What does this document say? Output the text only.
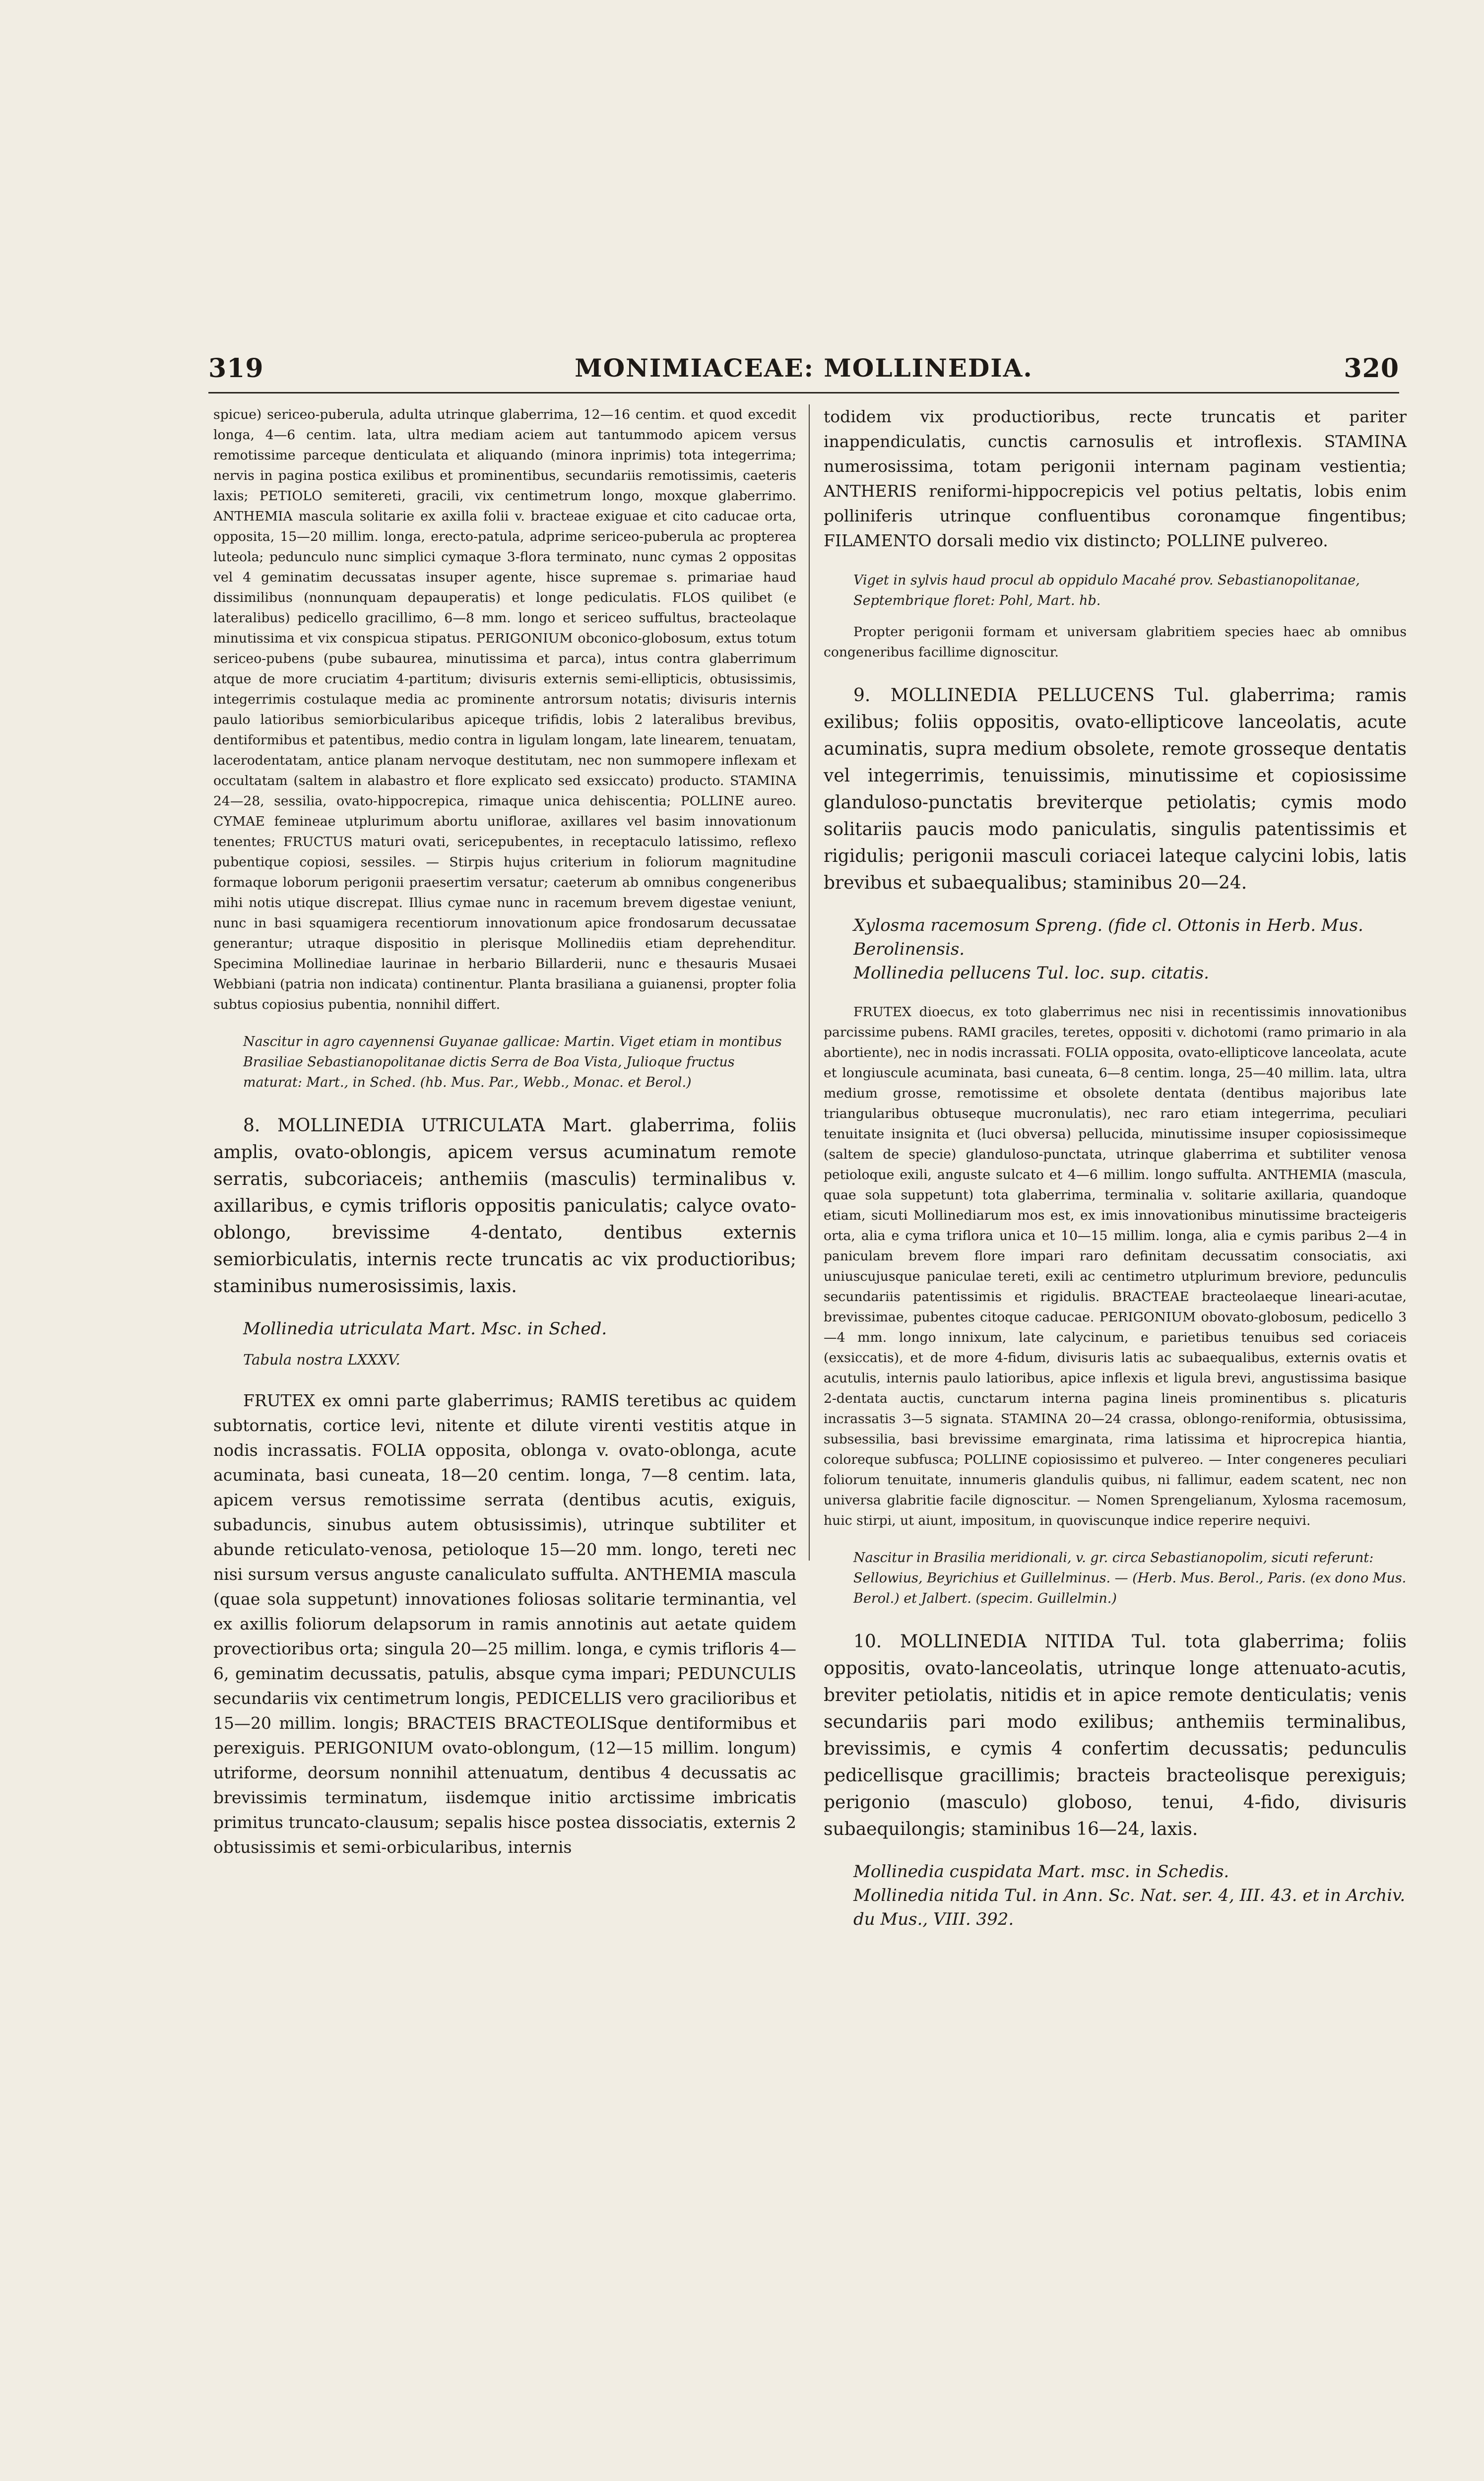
319	MONIMIACEAE: MOLLINEDIA.	320

spicue) sericeo-puberula, adulta utrinque glaberrima, 12—16 centim. et quod excedit longa, 4—6 centim. lata, ultra mediam aciem aut tantummodo apicem versus remotissime parceque denticulata et aliquando (minora inprimis) tota integerrima; nervis in pagina postica exilibus et prominentibus, secundariis remotissimis, caeteris laxis; PETIOLO semitereti, gracili, vix centimetrum longo, moxque glaberrimo. ANTHEMIA mascula solitarie ex axilla folii v. bracteae exiguae et cito caducae orta, opposita, 15—20 millim. longa, erecto-patula, adprime sericeo-puberula ac propterea luteola; pedunculo nunc simplici cymaque 3-flora terminato, nunc cymas 2 oppositas vel 4 geminatim decussatas insuper agente, hisce supremae s. primariae haud dissimilibus (nonnunquam depauperatis) et longe pediculatis. FLOS quilibet (e lateralibus) pedicello gracillimo, 6—8 mm. longo et sericeo suffultus, bracteolaque minutissima et vix conspicua stipatus. PERIGONIUM obconico-globosum, extus totum sericeo-pubens (pube subaurea, minutissima et parca), intus contra glaberrimum atque de more cruciatim 4-partitum; divisuris externis semi-ellipticis, obtusissimis, integerrimis costulaque media ac prominente antrorsum notatis; divisuris internis paulo latioribus semiorbicularibus apiceque trifidis, lobis 2 lateralibus brevibus, dentiformibus et patentibus, medio contra in ligulam longam, late linearem, tenuatam, lacerodentatam, antice planam nervoque destitutam, nec non summopere inflexam et occultatam (saltem in alabastro et flore explicato sed exsiccato) producto. STAMINA 24—28, sessilia, ovato-hippocrepica, rimaque unica dehiscentia; POLLINE aureo. CYMAE femineae utplurimum abortu uniflorae, axillares vel basim innovationum tenentes; FRUCTUS maturi ovati, sericepubentes, in receptaculo latissimo, reflexo pubentique copiosi, sessiles. — Stirpis hujus criterium in foliorum magnitudine formaque loborum perigonii praesertim versatur; caeterum ab omnibus congeneribus mihi notis utique discrepat. Illius cymae nunc in racemum brevem digestae veniunt, nunc in basi squamigera recentiorum innovationum apice frondosarum decussatae generantur; utraque dispositio in plerisque Mollinediis etiam deprehenditur. Specimina Mollinediae laurinae in herbario Billarderii, nunc e thesauris Musaei Webbiani (patria non indicata) continentur. Planta brasiliana a guianensi, propter folia subtus copiosius pubentia, nonnihil differt.

Nascitur in agro cayennensi Guyanae gallicae: Martin. Viget etiam in montibus Brasiliae Sebastianopolitanae dictis Serra de Boa Vista, Julioque fructus maturat: Mart., in Sched. (hb. Mus. Par., Webb., Monac. et Berol.)

8. MOLLINEDIA UTRICULATA Mart. glaberrima, foliis amplis, ovato-oblongis, apicem versus acuminatum remote serratis, subcoriaceis; anthemiis (masculis) terminalibus v. axillaribus, e cymis trifloris oppositis paniculatis; calyce ovato-oblongo, brevissime 4-dentato, dentibus externis semiorbiculatis, internis recte truncatis ac vix productioribus; staminibus numerosissimis, laxis.

Mollinedia utriculata Mart. Msc. in Sched.

Tabula nostra LXXXV.

FRUTEX ex omni parte glaberrimus; RAMIS teretibus ac quidem subtornatis, cortice levi, nitente et dilute virenti vestitis atque in nodis incrassatis. FOLIA opposita, oblonga v. ovato-oblonga, acute acuminata, basi cuneata, 18—20 centim. longa, 7—8 centim. lata, apicem versus remotissime serrata (dentibus acutis, exiguis, subaduncis, sinubus autem obtusissimis), utrinque subtiliter et abunde reticulato-venosa, petioloque 15—20 mm. longo, tereti nec nisi sursum versus anguste canaliculato suffulta. ANTHEMIA mascula (quae sola suppetunt) innovationes foliosas solitarie terminantia, vel ex axillis foliorum delapsorum in ramis annotinis aut aetate quidem provectioribus orta; singula 20—25 millim. longa, e cymis trifloris 4—6, geminatim decussatis, patulis, absque cyma impari; PEDUNCULIS secundariis vix centimetrum longis, PEDICELLIS vero gracilioribus et 15—20 millim. longis; BRACTEIS BRACTEOLISque dentiformibus et perexiguis. PERIGONIUM ovato-oblongum, (12—15 millim. longum) utriforme, deorsum nonnihil attenuatum, dentibus 4 decussatis ac brevissimis terminatum, iisdemque initio arctissime imbricatis primitus truncato-clausum; sepalis hisce postea dissociatis, externis 2 obtusissimis et semi-orbicularibus, internis

todidem vix productioribus, recte truncatis et pariter inappendiculatis, cunctis carnosulis et introflexis. STAMINA numerosissima, totam perigonii internam paginam vestientia; ANTHERIS reniformi-hippocrepicis vel potius peltatis, lobis enim polliniferis utrinque confluentibus coronamque fingentibus; FILAMENTO dorsali medio vix distincto; POLLINE pulvereo.

Viget in sylvis haud procul ab oppidulo Macahé prov. Sebastianopolitanae, Septembrique floret: Pohl, Mart. hb.

Propter perigonii formam et universam glabritiem species haec ab omnibus congeneribus facillime dignoscitur.

9. MOLLINEDIA PELLUCENS Tul. glaberrima; ramis exilibus; foliis oppositis, ovato-ellipticove lanceolatis, acute acuminatis, supra medium obsolete, remote grosseque dentatis vel integerrimis, tenuissimis, minutissime et copiosissime glanduloso-punctatis breviterque petiolatis; cymis modo solitariis paucis modo paniculatis, singulis patentissimis et rigidulis; perigonii masculi coriacei lateque calycini lobis, latis brevibus et subaequalibus; staminibus 20—24.

Xylosma racemosum Spreng. (fide cl. Ottonis in Herb. Mus. Berolinensis.

Mollinedia pellucens Tul. loc. sup. citatis.

FRUTEX dioecus, ex toto glaberrimus nec nisi in recentissimis innovationibus parcissime pubens. RAMI graciles, teretes, oppositi v. dichotomi (ramo primario in ala abortiente), nec in nodis incrassati. FOLIA opposita, ovato-ellipticove lanceolata, acute et longiuscule acuminata, basi cuneata, 6—8 centim. longa, 25—40 millim. lata, ultra medium grosse, remotissime et obsolete dentata (dentibus majoribus late triangularibus obtuseque mucronulatis), nec raro etiam integerrima, peculiari tenuitate insignita et (luci obversa) pellucida, minutissime insuper copiosissimeque (saltem de specie) glanduloso-punctata, utrinque glaberrima et subtiliter venosa petioloque exili, anguste sulcato et 4—6 millim. longo suffulta. ANTHEMIA (mascula, quae sola suppetunt) tota glaberrima, terminalia v. solitarie axillaria, quandoque etiam, sicuti Mollinediarum mos est, ex imis innovationibus minutissime bracteigeris orta, alia e cyma triflora unica et 10—15 millim. longa, alia e cymis paribus 2—4 in paniculam brevem flore impari raro definitam decussatim consociatis, axi uniuscujusque paniculae tereti, exili ac centimetro utplurimum breviore, pedunculis secundariis patentissimis et rigidulis. BRACTEAE bracteolaeque lineari-acutae, brevissimae, pubentes citoque caducae. PERIGONIUM obovato-globosum, pedicello 3—4 mm. longo innixum, late calycinum, e parietibus tenuibus sed coriaceis (exsiccatis), et de more 4-fidum, divisuris latis ac subaequalibus, externis ovatis et acutulis, internis paulo latioribus, apice inflexis et ligula brevi, angustissima basique 2-dentata auctis, cunctarum interna pagina lineis prominentibus s. plicaturis incrassatis 3—5 signata. STAMINA 20—24 crassa, oblongo-reniformia, obtusissima, subsessilia, basi brevissime emarginata, rima latissima et hiprocrepica hiantia, coloreque subfusca; POLLINE copiosissimo et pulvereo. — Inter congeneres peculiari foliorum tenuitate, innumeris glandulis quibus, ni fallimur, eadem scatent, nec non universa glabritie facile dignoscitur. — Nomen Sprengelianum, Xylosma racemosum, huic stirpi, ut aiunt, impositum, in quoviscunque indice reperire nequivi.

Nascitur in Brasilia meridionali, v. gr. circa Sebastianopolim, sicuti referunt: Sellowius, Beyrichius et Guillelminus. — (Herb. Mus. Berol., Paris. (ex dono Mus. Berol.) et Jalbert. (specim. Guillelmin.)

10. MOLLINEDIA NITIDA Tul. tota glaberrima; foliis oppositis, ovato-lanceolatis, utrinque longe attenuato-acutis, breviter petiolatis, nitidis et in apice remote denticulatis; venis secundariis pari modo exilibus; anthemiis terminalibus, brevissimis, e cymis 4 confertim decussatis; pedunculis pedicellisque gracillimis; bracteis bracteolisque perexiguis; perigonio (masculo) globoso, tenui, 4-fido, divisuris subaequilongis; staminibus 16—24, laxis.

Mollinedia cuspidata Mart. msc. in Schedis.

Mollinedia nitida Tul. in Ann. Sc. Nat. ser. 4, III. 43. et in Archiv. du Mus., VIII. 392.
